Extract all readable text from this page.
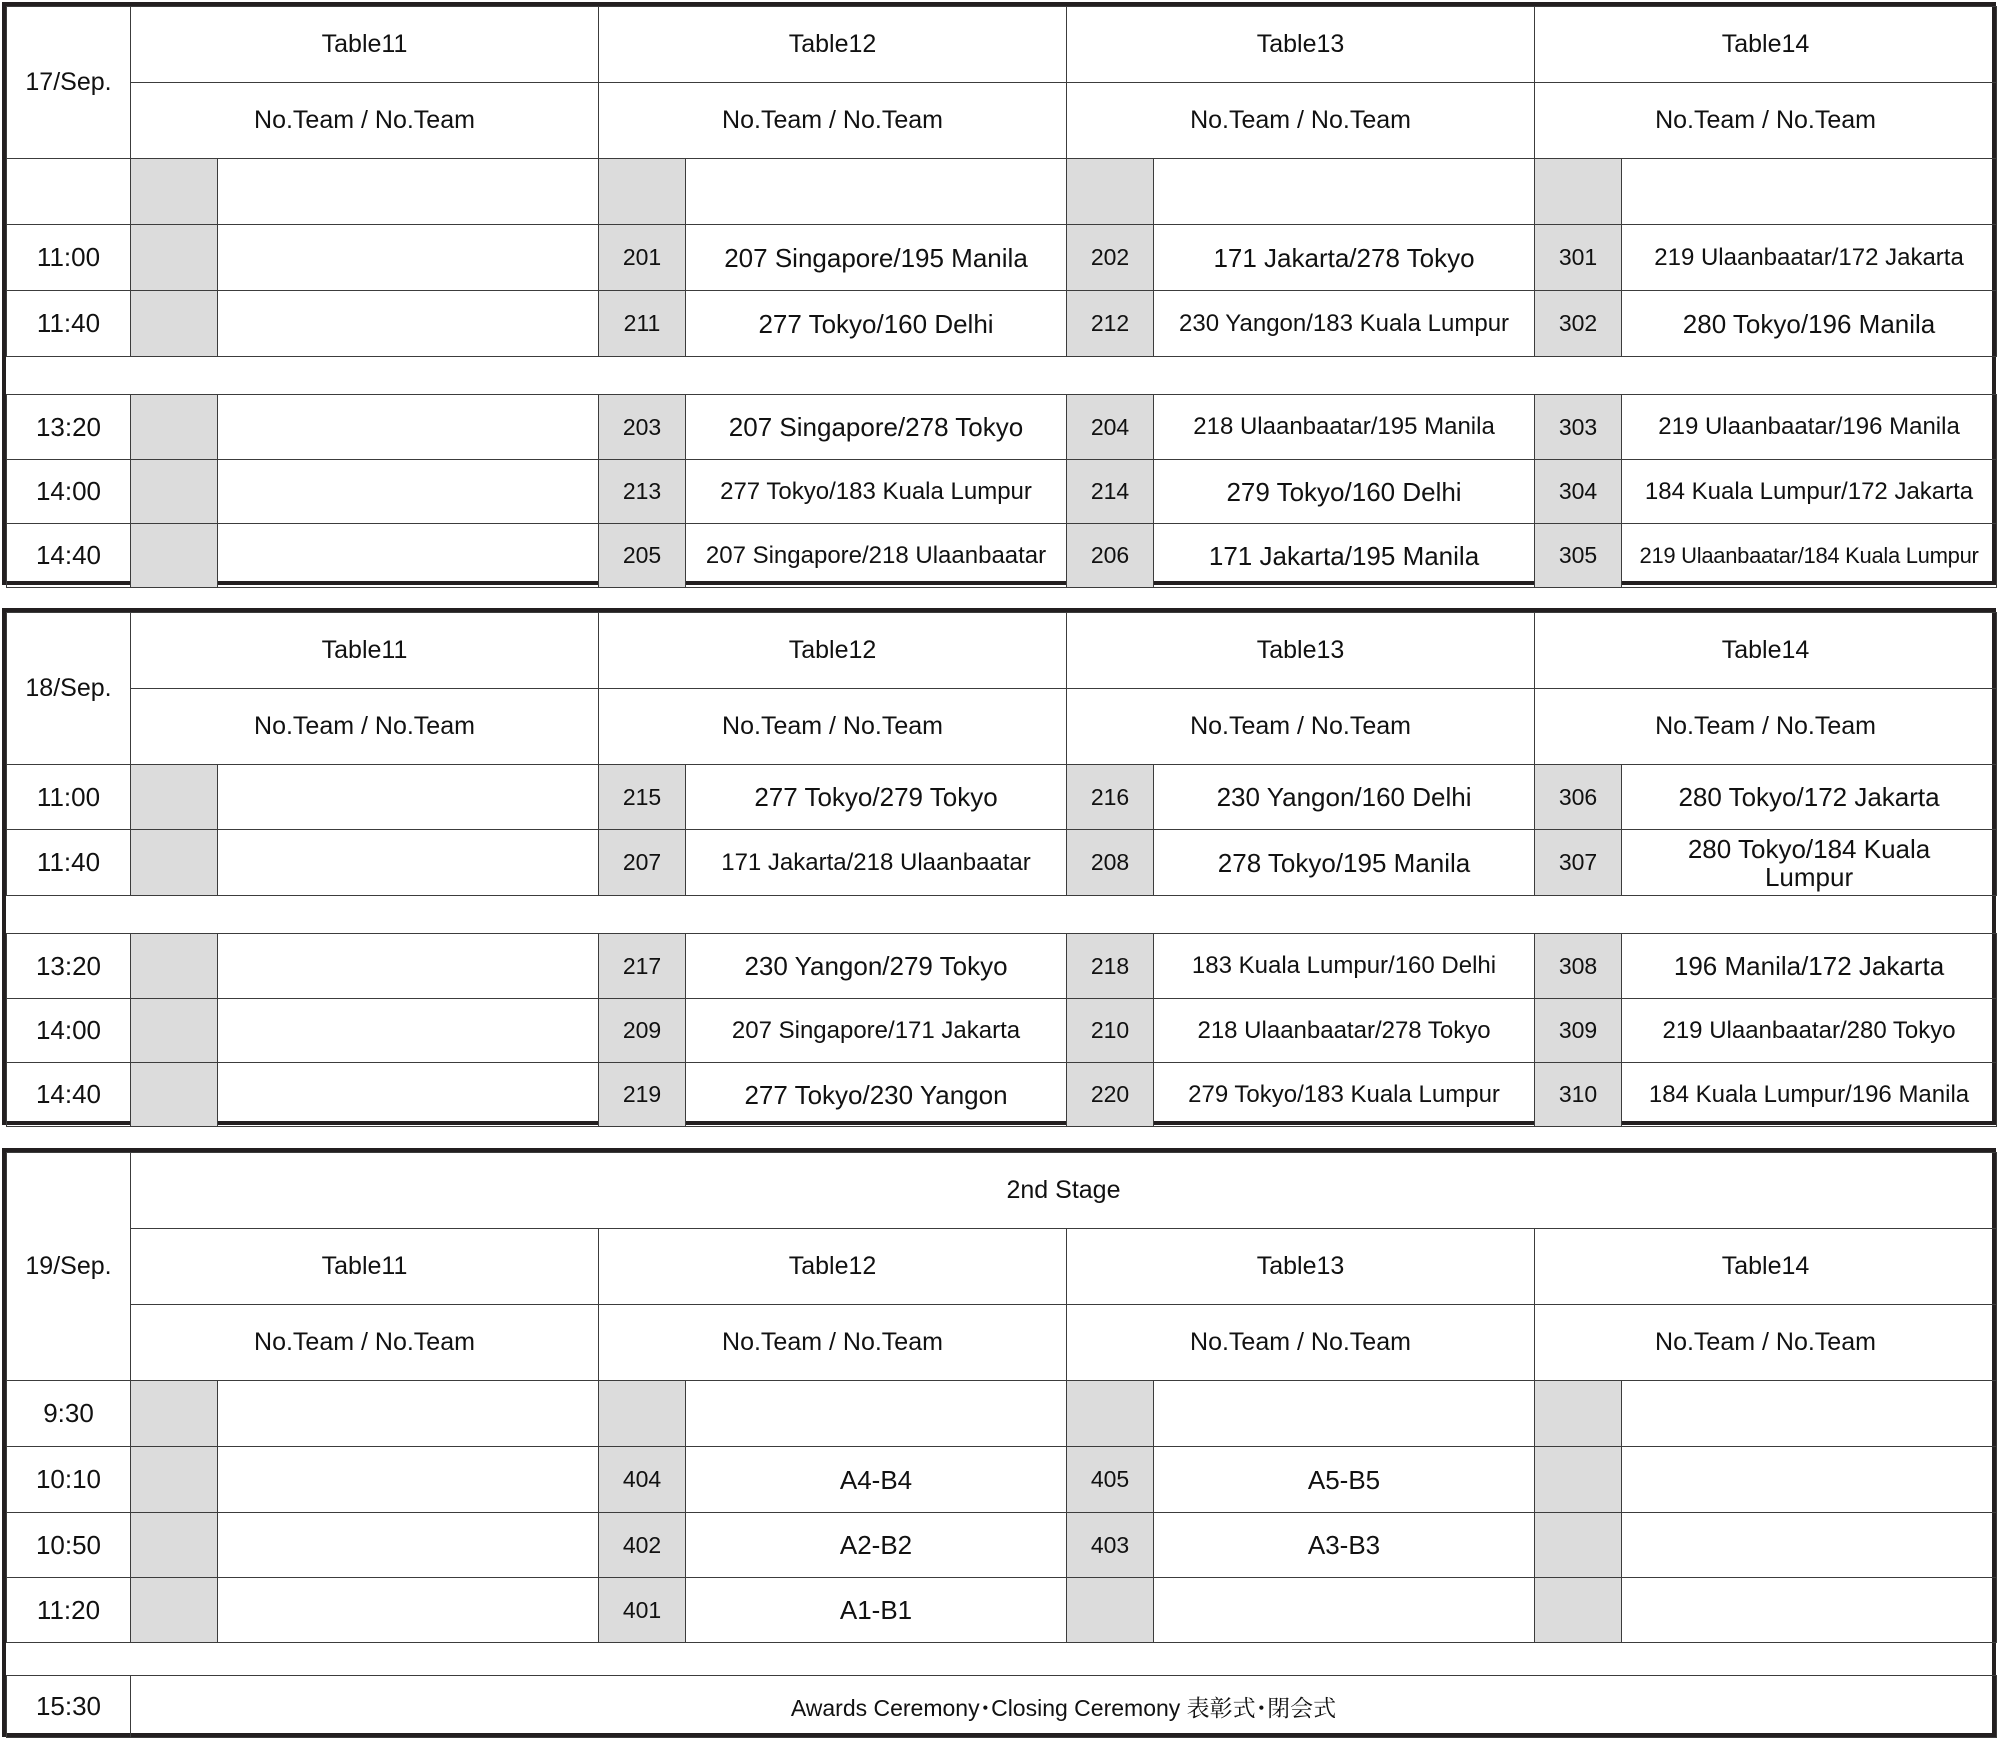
17/Sep.	Table11		Table12		Table13		Table14	
	No.Team / No.Team		No.Team / No.Team		No.Team / No.Team		No.Team / No.Team	

11:00			201	207 Singapore/195 Manila	202	171 Jakarta/278 Tokyo	301	219 Ulaanbaatar/172 Jakarta
11:40			211	277 Tokyo/160 Delhi	212	230 Yangon/183 Kuala Lumpur	302	280 Tokyo/196 Manila

13:20			203	207 Singapore/278 Tokyo	204	218 Ulaanbaatar/195 Manila	303	219 Ulaanbaatar/196 Manila
14:00			213	277 Tokyo/183 Kuala Lumpur	214	279 Tokyo/160 Delhi	304	184 Kuala Lumpur/172 Jakarta
14:40			205	207 Singapore/218 Ulaanbaatar	206	171 Jakarta/195 Manila	305	219 Ulaanbaatar/184 Kuala Lumpur
18/Sep.	Table11		Table12		Table13		Table14	
	No.Team / No.Team		No.Team / No.Team		No.Team / No.Team		No.Team / No.Team	
11:00			215	277 Tokyo/279 Tokyo	216	230 Yangon/160 Delhi	306	280 Tokyo/172 Jakarta
11:40			207	171 Jakarta/218 Ulaanbaatar	208	278 Tokyo/195 Manila	307	280 Tokyo/184 Kuala Lumpur

13:20			217	230 Yangon/279 Tokyo	218	183 Kuala Lumpur/160 Delhi	308	196 Manila/172 Jakarta
14:00			209	207 Singapore/171 Jakarta	210	218 Ulaanbaatar/278 Tokyo	309	219 Ulaanbaatar/280 Tokyo
14:40			219	277 Tokyo/230 Yangon	220	279 Tokyo/183 Kuala Lumpur	310	184 Kuala Lumpur/196 Manila
19/Sep.	2nd Stage							
	Table11		Table12		Table13		Table14	
	No.Team / No.Team		No.Team / No.Team		No.Team / No.Team		No.Team / No.Team	
9:30								
10:10			404	A4-B4	405	A5-B5		
10:50			402	A2-B2	403	A3-B3		
11:20			401	A1-B1				

15:30	Awards Ceremony･Closing Ceremony 表彰式･閉会式							
